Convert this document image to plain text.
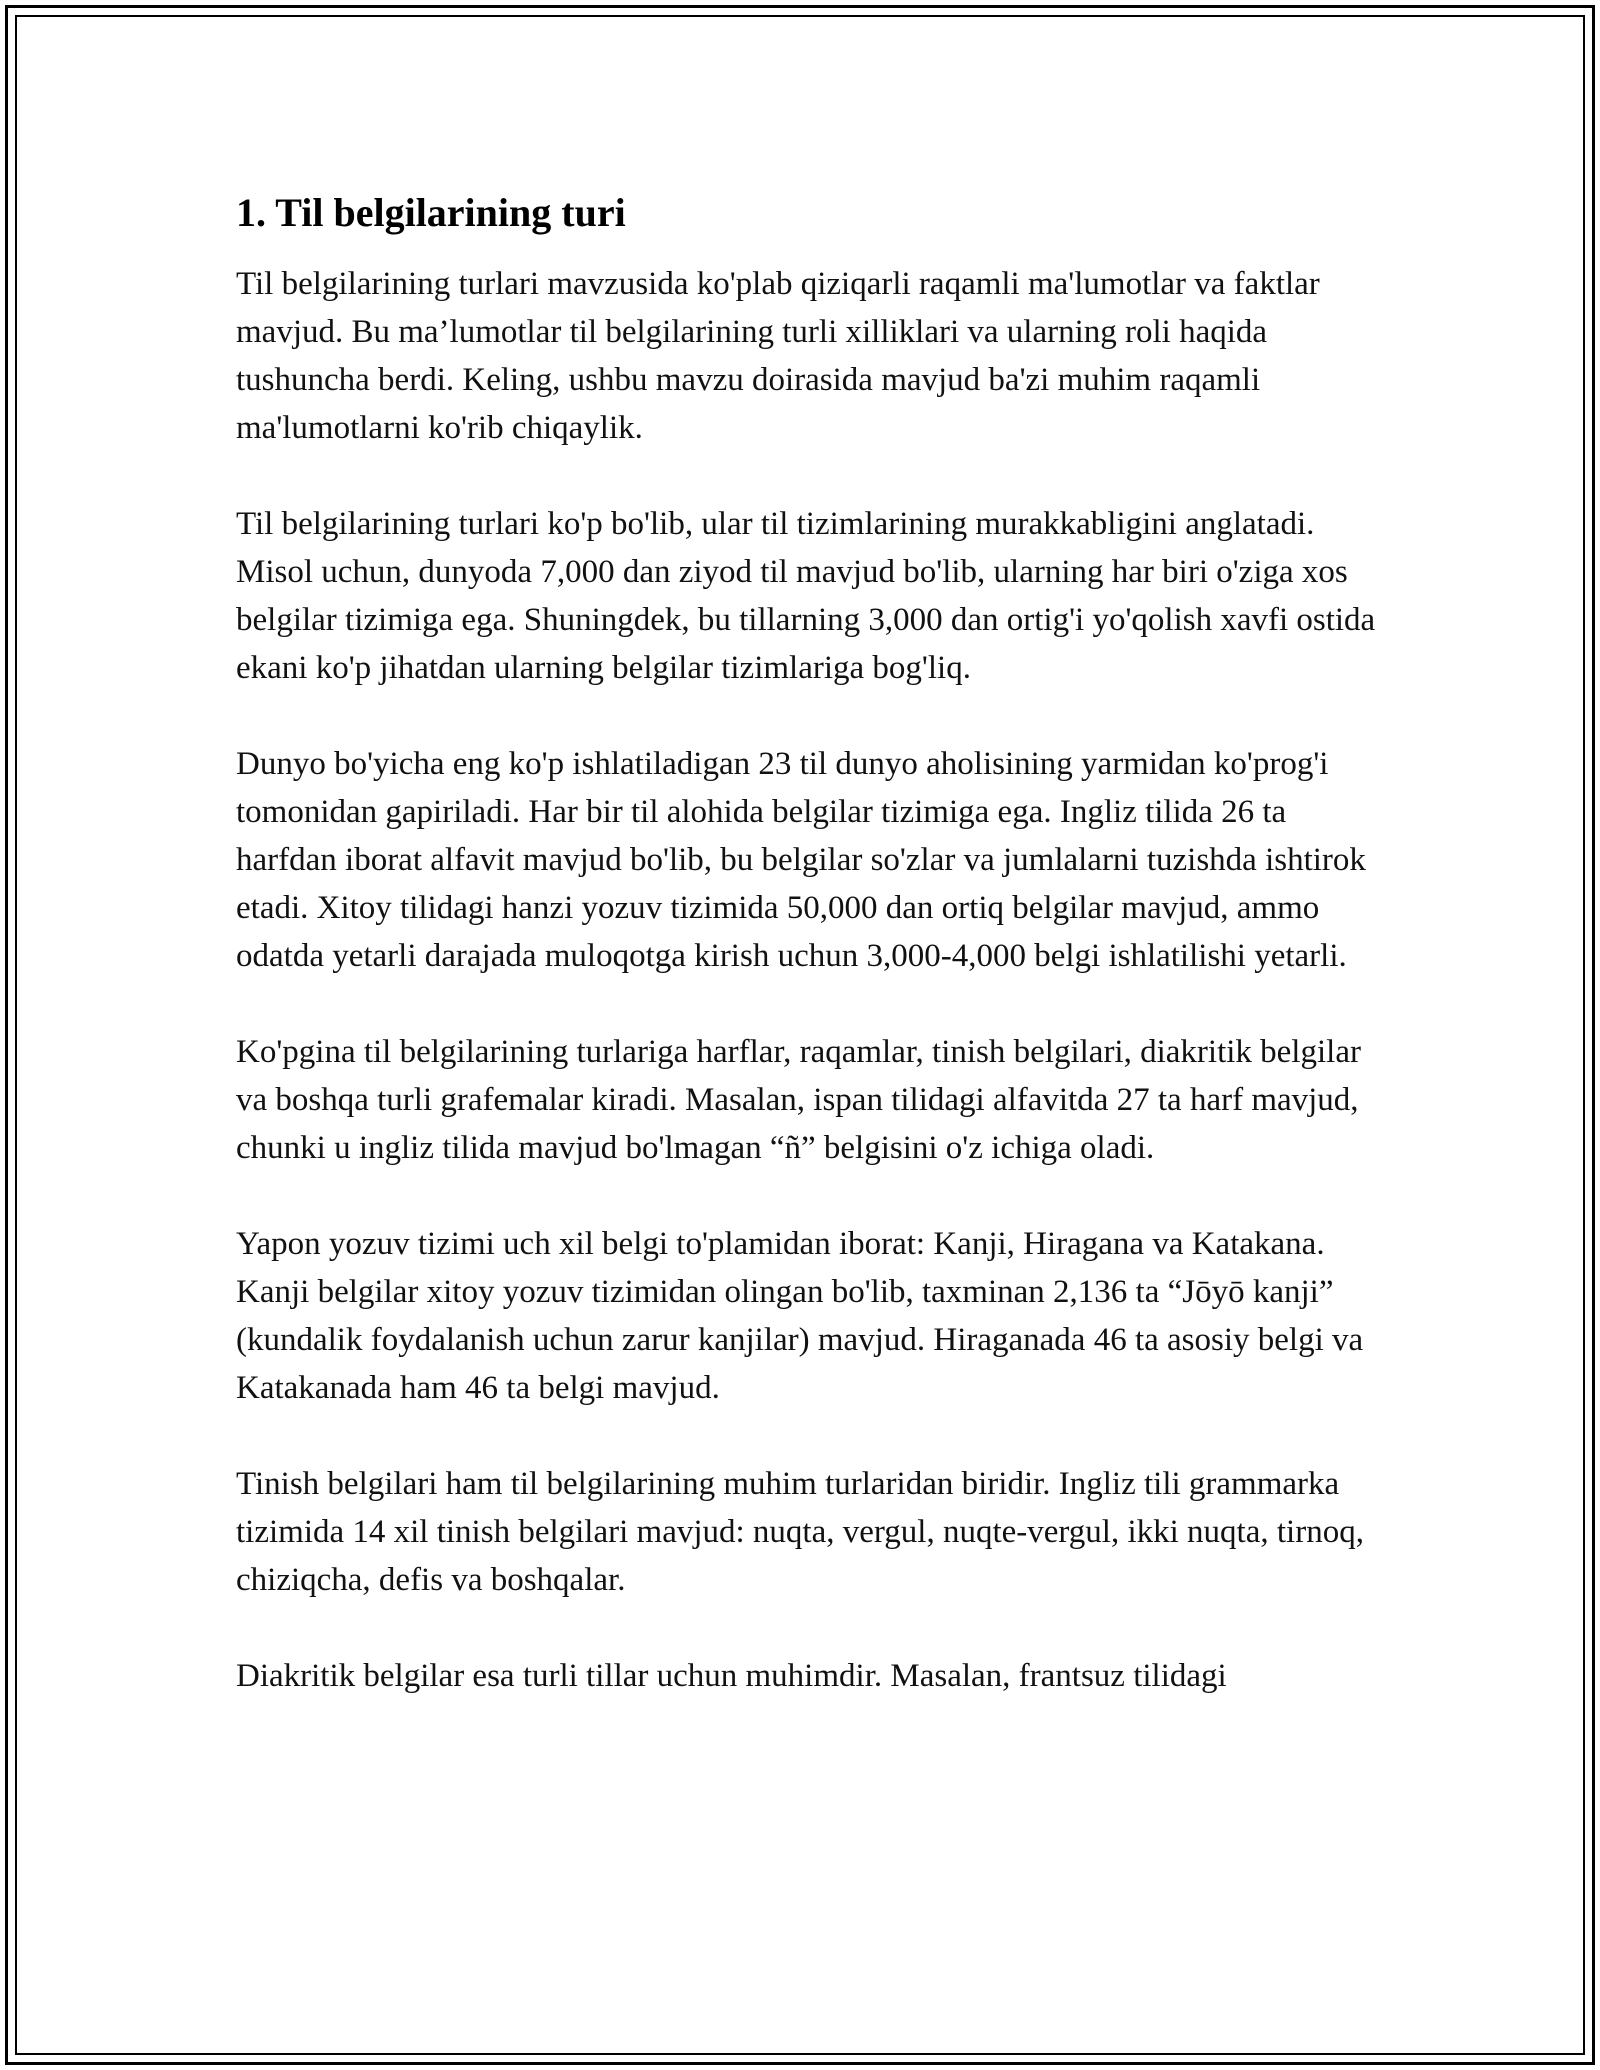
1. Til belgilarining turi

Til belgilarining turlari mavzusida ko'plab qiziqarli raqamli ma'lumotlar va faktlar mavjud. Bu ma’lumotlar til belgilarining turli xilliklari va ularning roli haqida tushuncha berdi. Keling, ushbu mavzu doirasida mavjud ba'zi muhim raqamli ma'lumotlarni ko'rib chiqaylik.

Til belgilarining turlari ko'p bo'lib, ular til tizimlarining murakkabligini anglatadi. Misol uchun, dunyoda 7,000 dan ziyod til mavjud bo'lib, ularning har biri o'ziga xos belgilar tizimiga ega. Shuningdek, bu tillarning 3,000 dan ortig'i yo'qolish xavfi ostida ekani ko'p jihatdan ularning belgilar tizimlariga bog'liq.

Dunyo bo'yicha eng ko'p ishlatiladigan 23 til dunyo aholisining yarmidan ko'prog'i tomonidan gapiriladi. Har bir til alohida belgilar tizimiga ega. Ingliz tilida 26 ta harfdan iborat alfavit mavjud bo'lib, bu belgilar so'zlar va jumlalarni tuzishda ishtirok etadi. Xitoy tilidagi hanzi yozuv tizimida 50,000 dan ortiq belgilar mavjud, ammo odatda yetarli darajada muloqotga kirish uchun 3,000-4,000 belgi ishlatilishi yetarli.

Ko'pgina til belgilarining turlariga harflar, raqamlar, tinish belgilari, diakritik belgilar va boshqa turli grafemalar kiradi. Masalan, ispan tilidagi alfavitda 27 ta harf mavjud, chunki u ingliz tilida mavjud bo'lmagan “ñ” belgisini o'z ichiga oladi.

Yapon yozuv tizimi uch xil belgi to'plamidan iborat: Kanji, Hiragana va Katakana. Kanji belgilar xitoy yozuv tizimidan olingan bo'lib, taxminan 2,136 ta “Jōyō kanji” (kundalik foydalanish uchun zarur kanjilar) mavjud. Hiraganada 46 ta asosiy belgi va Katakanada ham 46 ta belgi mavjud.

Tinish belgilari ham til belgilarining muhim turlaridan biridir. Ingliz tili grammarka tizimida 14 xil tinish belgilari mavjud: nuqta, vergul, nuqte-vergul, ikki nuqta, tirnoq, chiziqcha, defis va boshqalar.

Diakritik belgilar esa turli tillar uchun muhimdir. Masalan, frantsuz tilidagi
